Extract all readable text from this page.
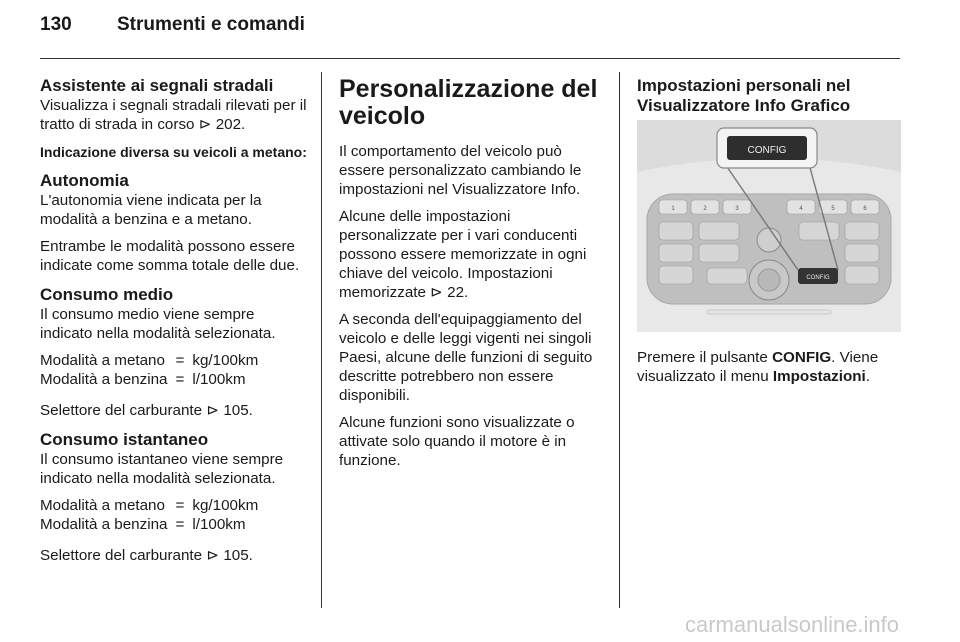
130 Strumenti e comandi
Assistente ai segnali stradali

Visualizza i segnali stradali rilevati per il tratto di strada in corso ⊳ 202.

Indicazione diversa su veicoli a metano:
Autonomia

L'autonomia viene indicata per la modalità a benzina e a metano.

Entrambe le modalità possono essere indicate come somma totale delle due.

Consumo medio

Il consumo medio viene sempre indicato nella modalità selezionata.

Modalità a metano	=	kg/100km
Modalità a benzina	=	l/100km

Selettore del carburante ⊳ 105.

Consumo istantaneo

Il consumo istantaneo viene sempre indicato nella modalità selezionata.

Modalità a metano	=	kg/100km
Modalità a benzina	=	l/100km

Selettore del carburante ⊳ 105.

Personalizzazione del veicolo

Il comportamento del veicolo può essere personalizzato cambiando le impostazioni nel Visualizzatore Info.

Alcune delle impostazioni personalizzate per i vari conducenti possono essere memorizzate in ogni chiave del veicolo. Impostazioni memorizzate ⊳ 22.

A seconda dell'equipaggiamento del veicolo e delle leggi vigenti nei singoli Paesi, alcune delle funzioni di seguito descritte potrebbero non essere disponibili.

Alcune funzioni sono visualizzate o attivate solo quando il motore è in funzione.

Impostazioni personali nel Visualizzatore Info Grafico
1	2	3	4	5	6
CONFIG
CONFIG

Premere il pulsante CONFIG. Viene visualizzato il menu Impostazioni.

carmanualsonline.info
